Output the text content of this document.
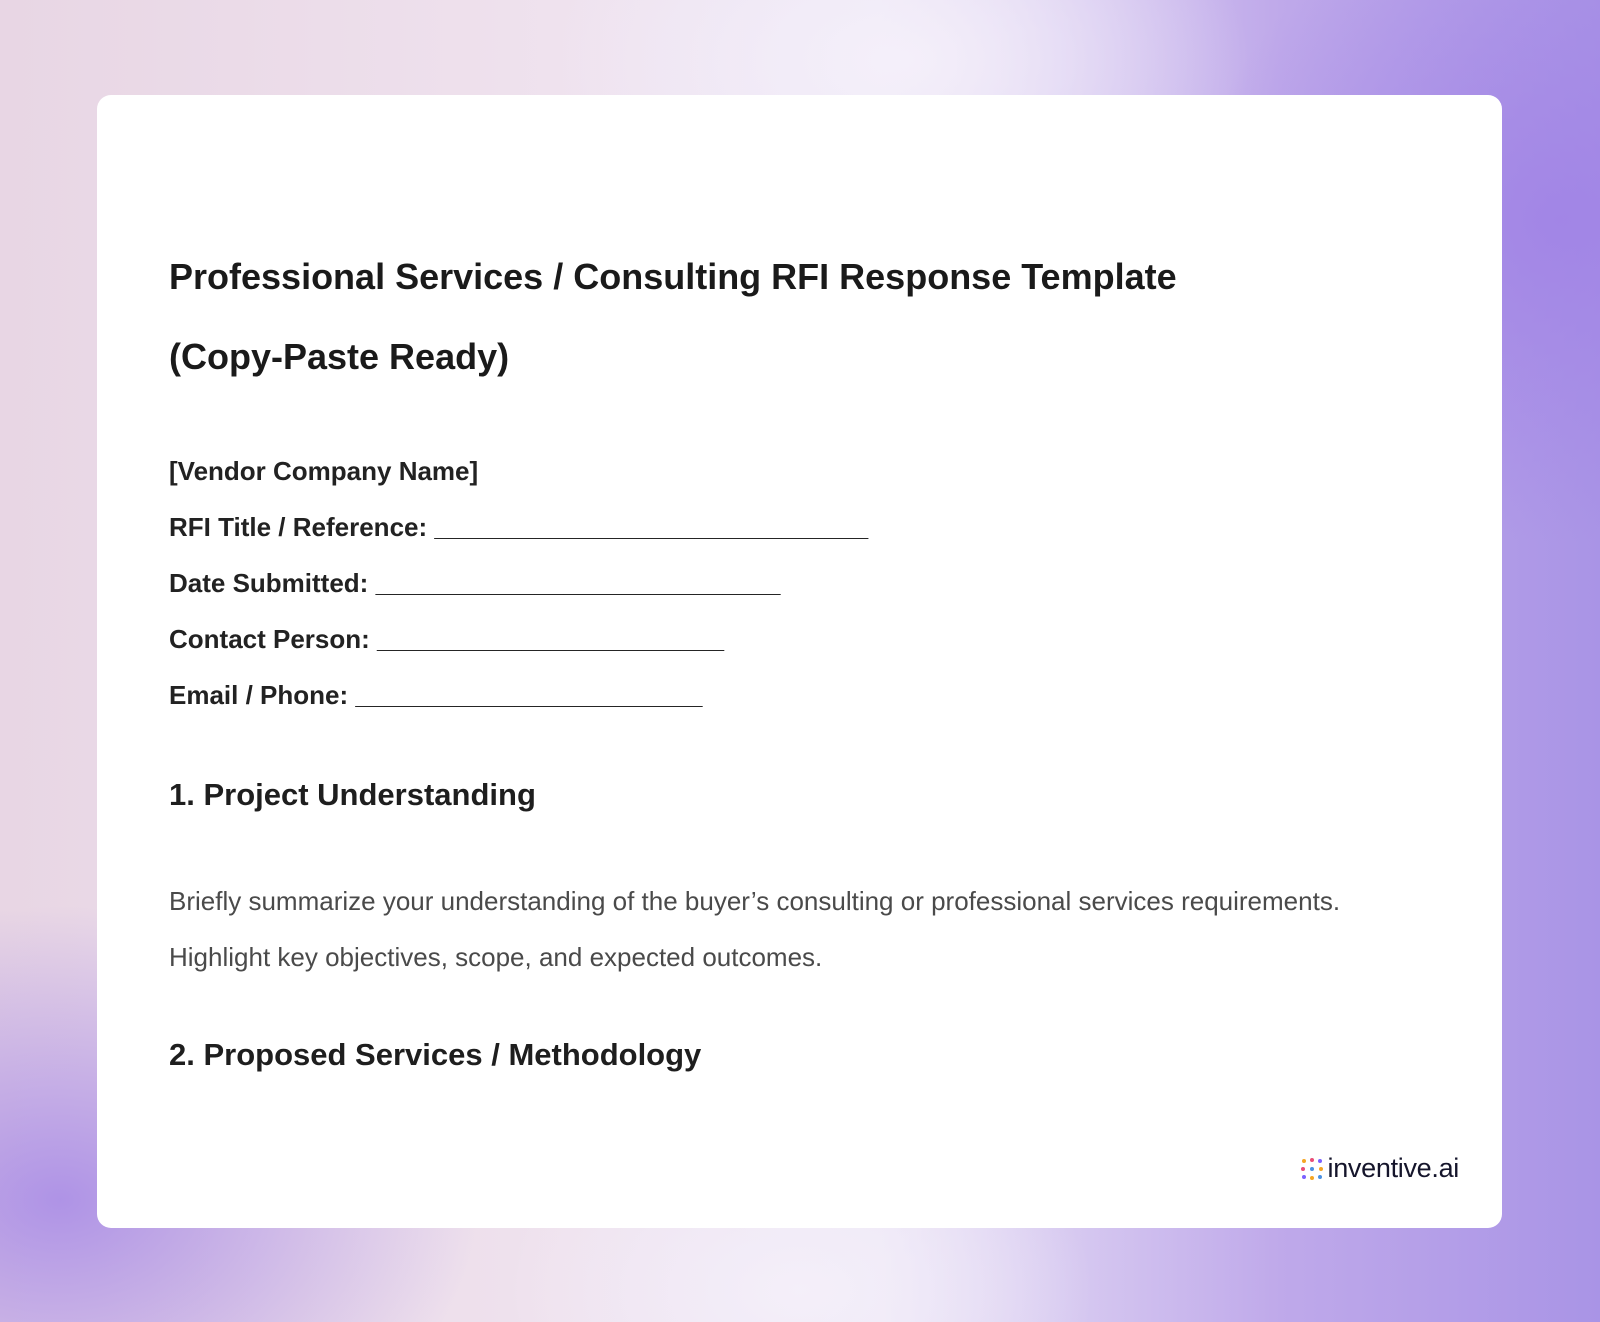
Professional Services / Consulting RFI Response Template
(Copy-Paste Ready)
[Vendor Company Name]
RFI Title / Reference: ______________________________
Date Submitted: ____________________________
Contact Person: ________________________
Email / Phone: ________________________
1. Project Understanding

Briefly summarize your understanding of the buyer’s consulting or professional services requirements. Highlight key objectives, scope, and expected outcomes.

2. Proposed Services / Methodology
inventive.ai
